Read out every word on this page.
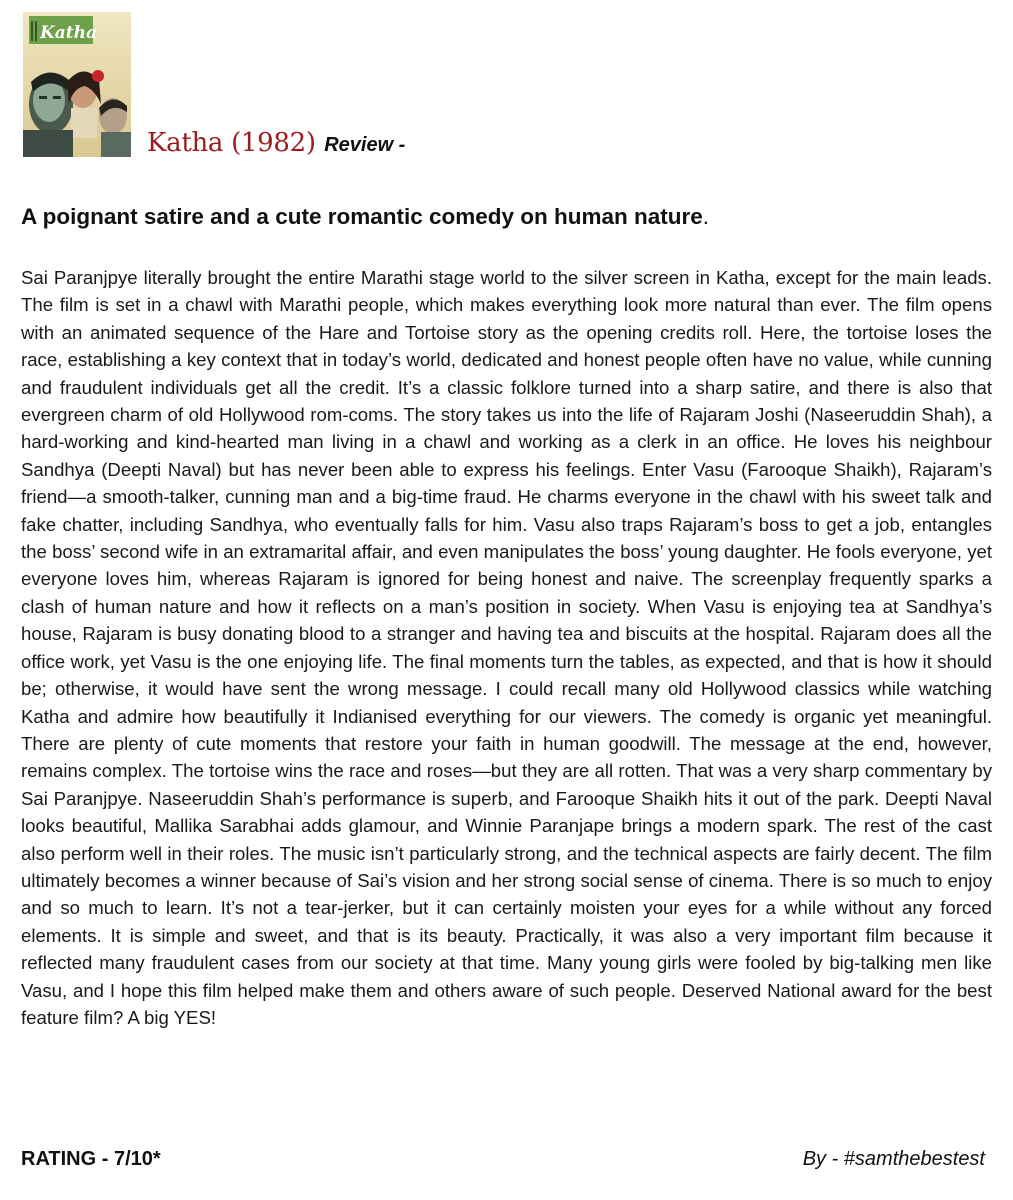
Katha
Katha (1982) Review -
A poignant satire and a cute romantic comedy on human nature.

Sai Paranjpye literally brought the entire Marathi stage world to the silver screen in Katha, except for the main leads. The film is set in a chawl with Marathi people, which makes everything look more natural than ever. The film opens with an animated sequence of the Hare and Tortoise story as the opening credits roll. Here, the tortoise loses the race, establishing a key context that in today’s world, dedicated and honest people often have no value, while cunning and fraudulent individuals get all the credit. It’s a classic folklore turned into a sharp satire, and there is also that evergreen charm of old Hollywood rom-coms. The story takes us into the life of Rajaram Joshi (Naseeruddin Shah), a hard-working and kind-hearted man living in a chawl and working as a clerk in an office. He loves his neighbour Sandhya (Deepti Naval) but has never been able to express his feelings. Enter Vasu (Farooque Shaikh), Rajaram’s friend—a smooth-talker, cunning man and a big-time fraud. He charms everyone in the chawl with his sweet talk and fake chatter, including Sandhya, who eventually falls for him. Vasu also traps Rajaram’s boss to get a job, entangles the boss’ second wife in an extramarital affair, and even manipulates the boss’ young daughter. He fools everyone, yet everyone loves him, whereas Rajaram is ignored for being honest and naive. The screenplay frequently sparks a clash of human nature and how it reflects on a man’s position in society. When Vasu is enjoying tea at Sandhya’s house, Rajaram is busy donating blood to a stranger and having tea and biscuits at the hospital. Rajaram does all the office work, yet Vasu is the one enjoying life. The final moments turn the tables, as expected, and that is how it should be; otherwise, it would have sent the wrong message. I could recall many old Hollywood classics while watching Katha and admire how beautifully it Indianised everything for our viewers. The comedy is organic yet meaningful. There are plenty of cute moments that restore your faith in human goodwill. The message at the end, however, remains complex. The tortoise wins the race and roses—but they are all rotten. That was a very sharp commentary by Sai Paranjpye. Naseeruddin Shah’s performance is superb, and Farooque Shaikh hits it out of the park. Deepti Naval looks beautiful, Mallika Sarabhai adds glamour, and Winnie Paranjape brings a modern spark. The rest of the cast also perform well in their roles. The music isn’t particularly strong, and the technical aspects are fairly decent. The film ultimately becomes a winner because of Sai’s vision and her strong social sense of cinema. There is so much to enjoy and so much to learn. It’s not a tear-jerker, but it can certainly moisten your eyes for a while without any forced elements. It is simple and sweet, and that is its beauty. Practically, it was also a very important film because it reflected many fraudulent cases from our society at that time. Many young girls were fooled by big-talking men like Vasu, and I hope this film helped make them and others aware of such people. Deserved National award for the best feature film? A big YES!

RATING - 7/10*	By - #samthebestest
